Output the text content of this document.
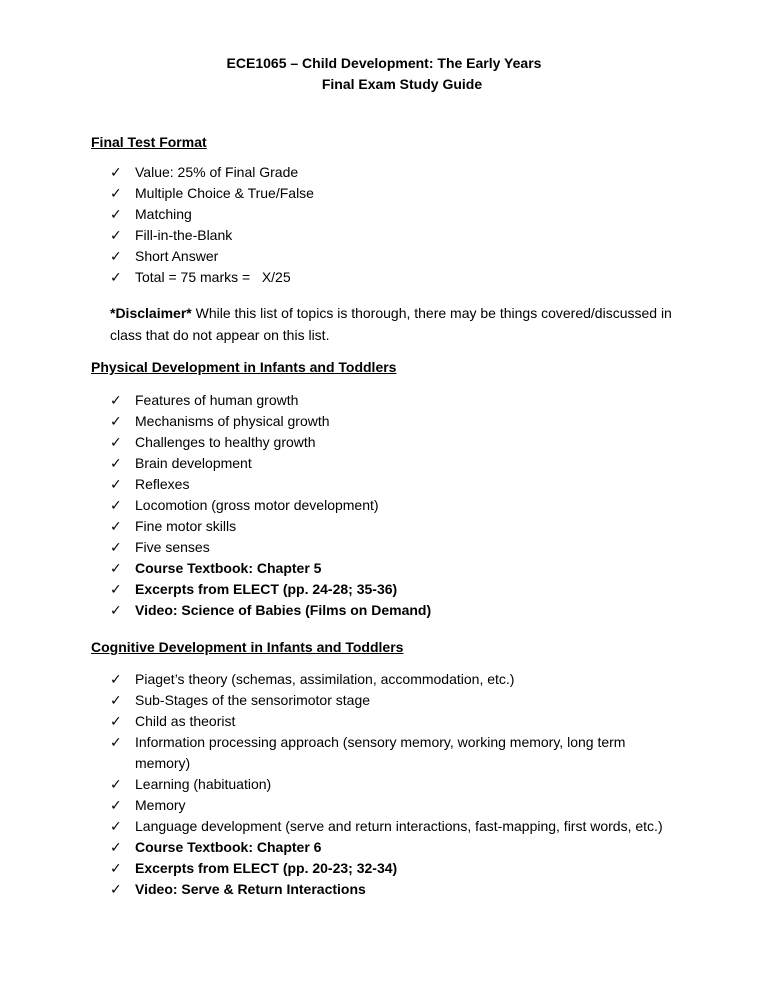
ECE1065 – Child Development: The Early Years
Final Exam Study Guide
Final Test Format
✓ Value: 25% of Final Grade
✓ Multiple Choice & True/False
✓ Matching
✓ Fill-in-the-Blank
✓ Short Answer
✓ Total = 75 marks =   X/25

*Disclaimer* While this list of topics is thorough, there may be things covered/discussed in class that do not appear on this list.

Physical Development in Infants and Toddlers
✓ Features of human growth
✓ Mechanisms of physical growth
✓ Challenges to healthy growth
✓ Brain development
✓ Reflexes
✓ Locomotion (gross motor development)
✓ Fine motor skills
✓ Five senses
✓ Course Textbook: Chapter 5
✓ Excerpts from ELECT (pp. 24-28; 35-36)
✓ Video: Science of Babies (Films on Demand)
Cognitive Development in Infants and Toddlers
✓ Piaget’s theory (schemas, assimilation, accommodation, etc.)
✓ Sub-Stages of the sensorimotor stage
✓ Child as theorist
✓ Information processing approach (sensory memory, working memory, long term memory)
✓ Learning (habituation)
✓ Memory
✓ Language development (serve and return interactions, fast-mapping, first words, etc.)
✓ Course Textbook: Chapter 6
✓ Excerpts from ELECT (pp. 20-23; 32-34)
✓ Video: Serve & Return Interactions
